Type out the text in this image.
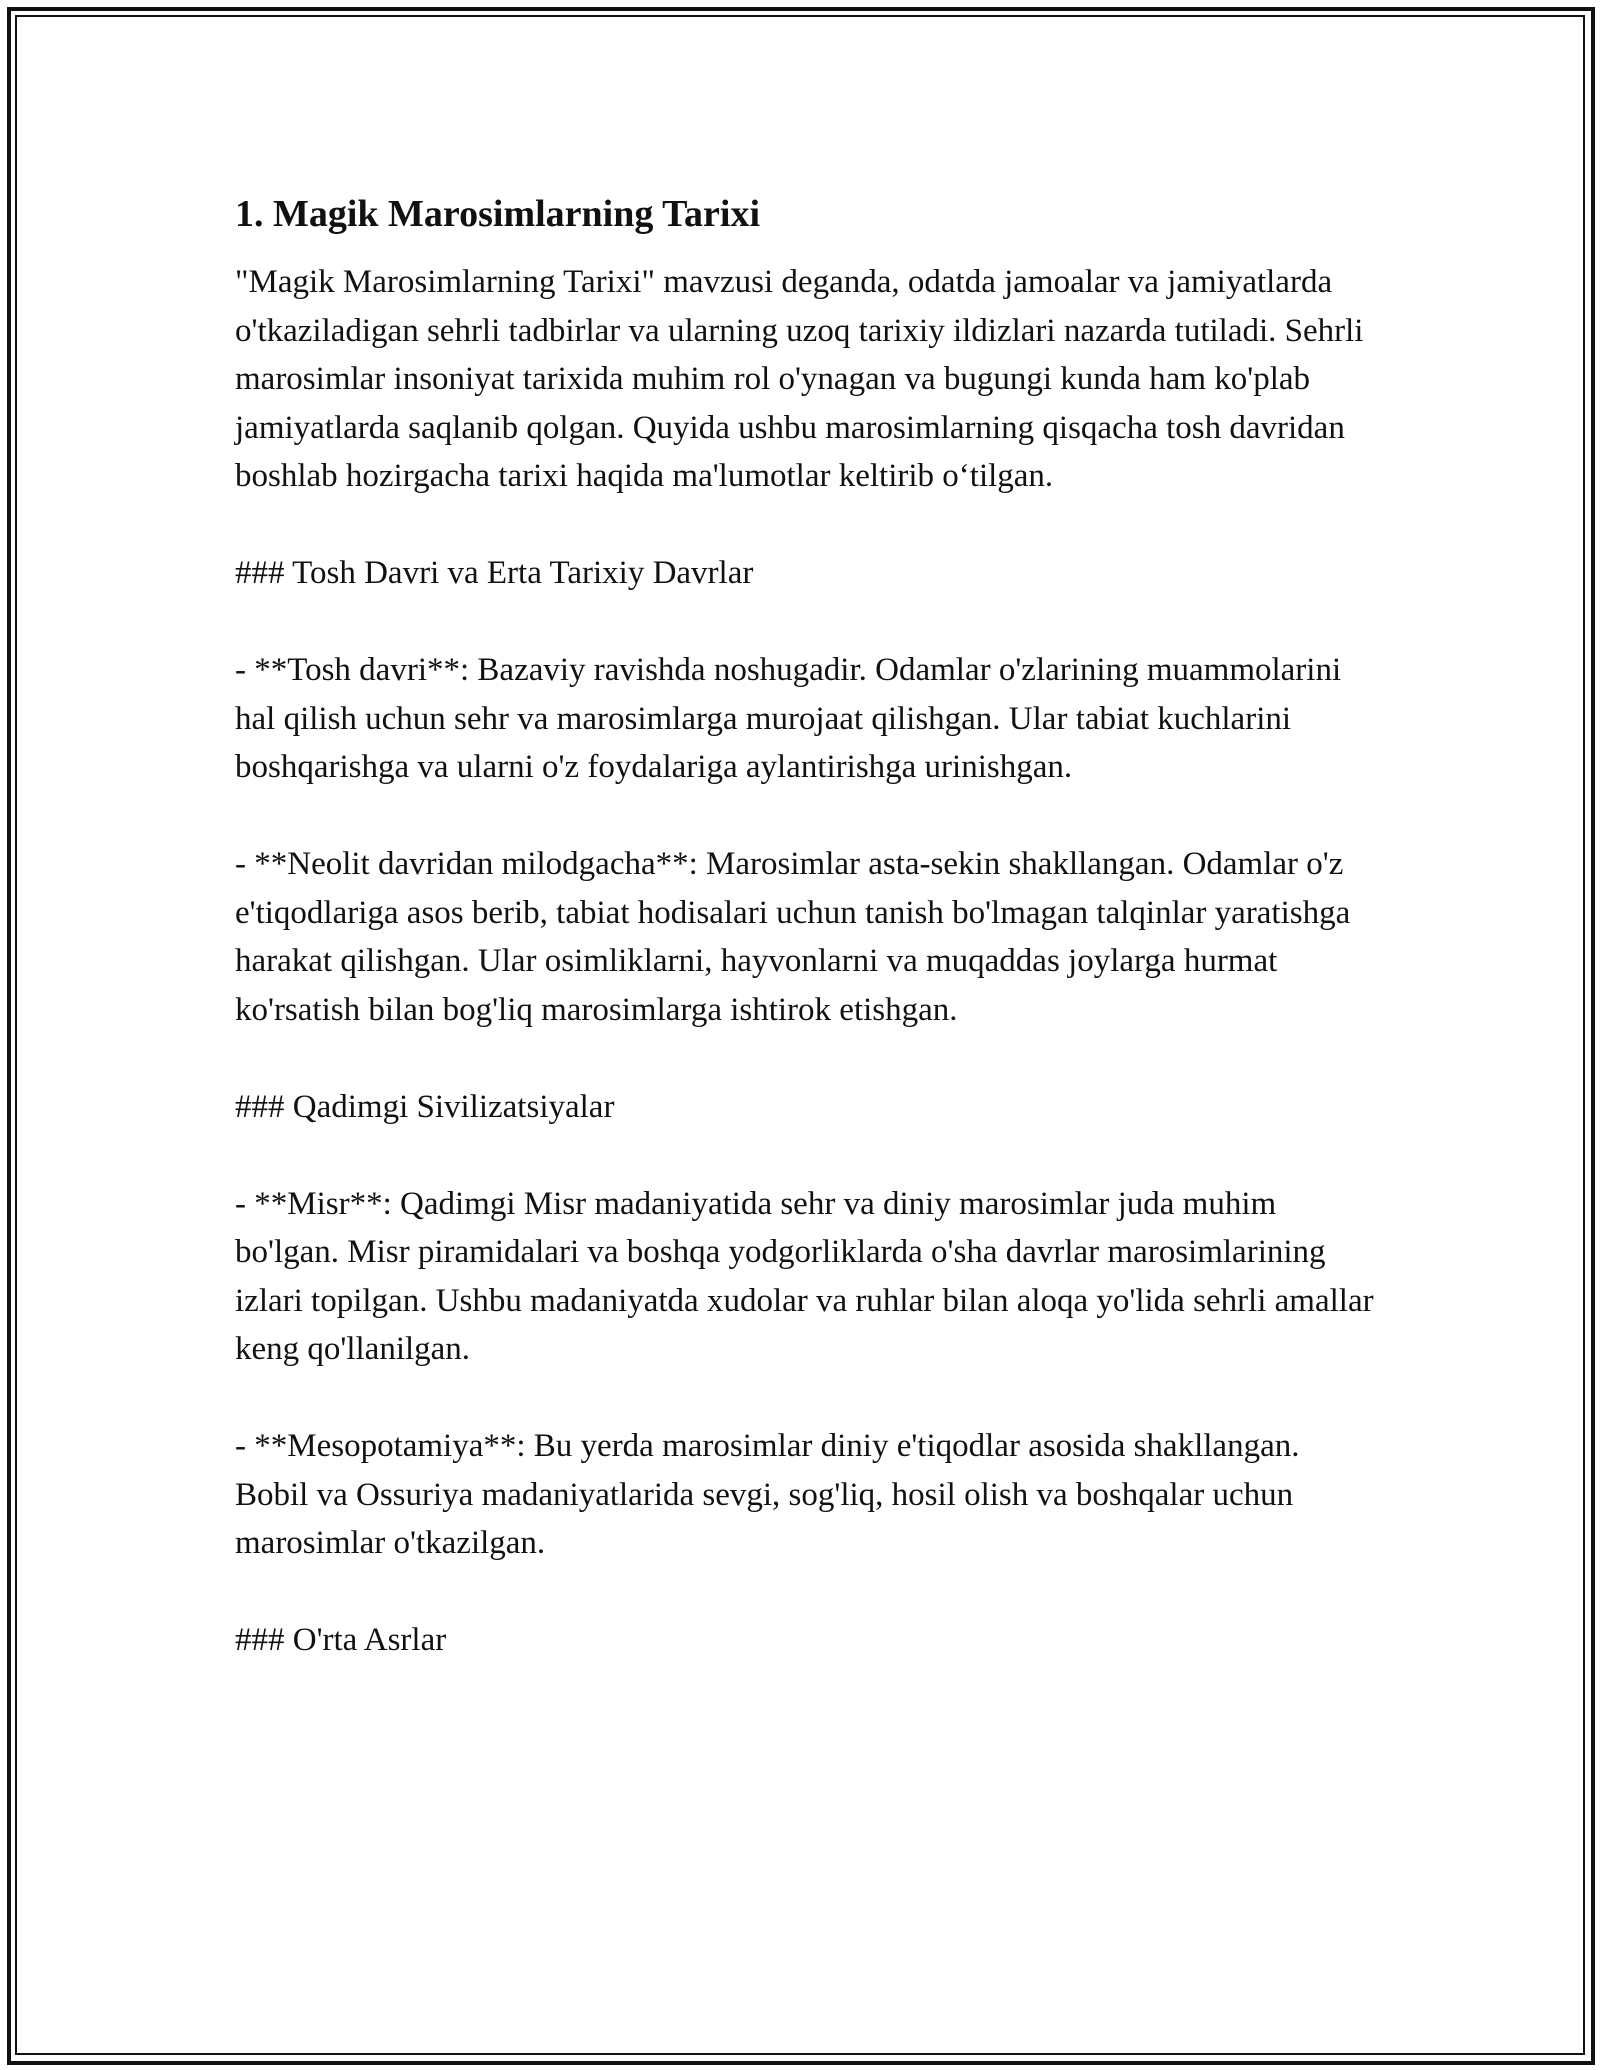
1. Magik Marosimlarning Tarixi

"Magik Marosimlarning Tarixi" mavzusi deganda, odatda jamoalar va jamiyatlarda o'tkaziladigan sehrli tadbirlar va ularning uzoq tarixiy ildizlari nazarda tutiladi. Sehrli marosimlar insoniyat tarixida muhim rol o'ynagan va bugungi kunda ham ko'plab jamiyatlarda saqlanib qolgan. Quyida ushbu marosimlarning qisqacha tosh davridan boshlab hozirgacha tarixi haqida ma'lumotlar keltirib o‘tilgan.

### Tosh Davri va Erta Tarixiy Davrlar

- **Tosh davri**: Bazaviy ravishda noshugadir. Odamlar o'zlarining muammolarini hal qilish uchun sehr va marosimlarga murojaat qilishgan. Ular tabiat kuchlarini boshqarishga va ularni o'z foydalariga aylantirishga urinishgan.

- **Neolit davridan milodgacha**: Marosimlar asta-sekin shakllangan. Odamlar o'z e'tiqodlariga asos berib, tabiat hodisalari uchun tanish bo'lmagan talqinlar yaratishga harakat qilishgan. Ular osimliklarni, hayvonlarni va muqaddas joylarga hurmat ko'rsatish bilan bog'liq marosimlarga ishtirok etishgan.

### Qadimgi Sivilizatsiyalar

- **Misr**: Qadimgi Misr madaniyatida sehr va diniy marosimlar juda muhim bo'lgan. Misr piramidalari va boshqa yodgorliklarda o'sha davrlar marosimlarining izlari topilgan. Ushbu madaniyatda xudolar va ruhlar bilan aloqa yo'lida sehrli amallar keng qo'llanilgan.

- **Mesopotamiya**: Bu yerda marosimlar diniy e'tiqodlar asosida shakllangan. Bobil va Ossuriya madaniyatlarida sevgi, sog'liq, hosil olish va boshqalar uchun marosimlar o'tkazilgan.

### O'rta Asrlar
